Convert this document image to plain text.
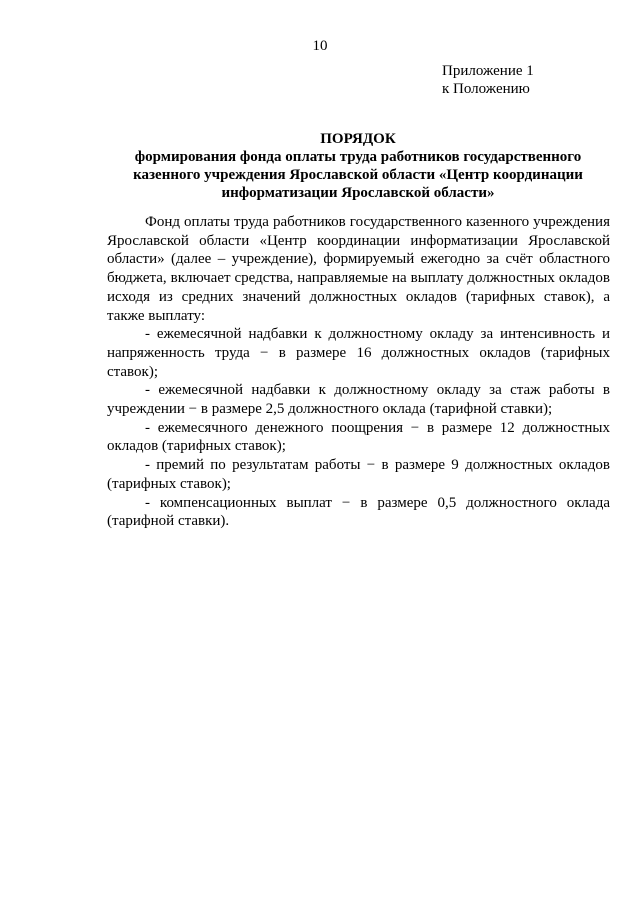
10
Приложение 1
к Положению
ПОРЯДОК
формирования фонда оплаты труда работников государственного
казенного учреждения Ярославской области «Центр координации
информатизации Ярославской области»

Фонд оплаты труда работников государственного казенного учреждения Ярославской области «Центр координации информатизации Ярославской области» (далее – учреждение), формируемый ежегодно за счёт областного бюджета, включает средства, направляемые на выплату должностных окладов исходя из средних значений должностных окладов (тарифных ставок), а также выплату:

- ежемесячной надбавки к должностному окладу за интенсивность и напряженность труда − в размере 16 должностных окладов (тарифных ставок);

- ежемесячной надбавки к должностному окладу за стаж работы в учреждении − в размере 2,5 должностного оклада (тарифной ставки);

- ежемесячного денежного поощрения − в размере 12 должностных окладов (тарифных ставок);

- премий по результатам работы − в размере 9 должностных окладов (тарифных ставок);

- компенсационных выплат − в размере 0,5 должностного оклада (тарифной ставки).
